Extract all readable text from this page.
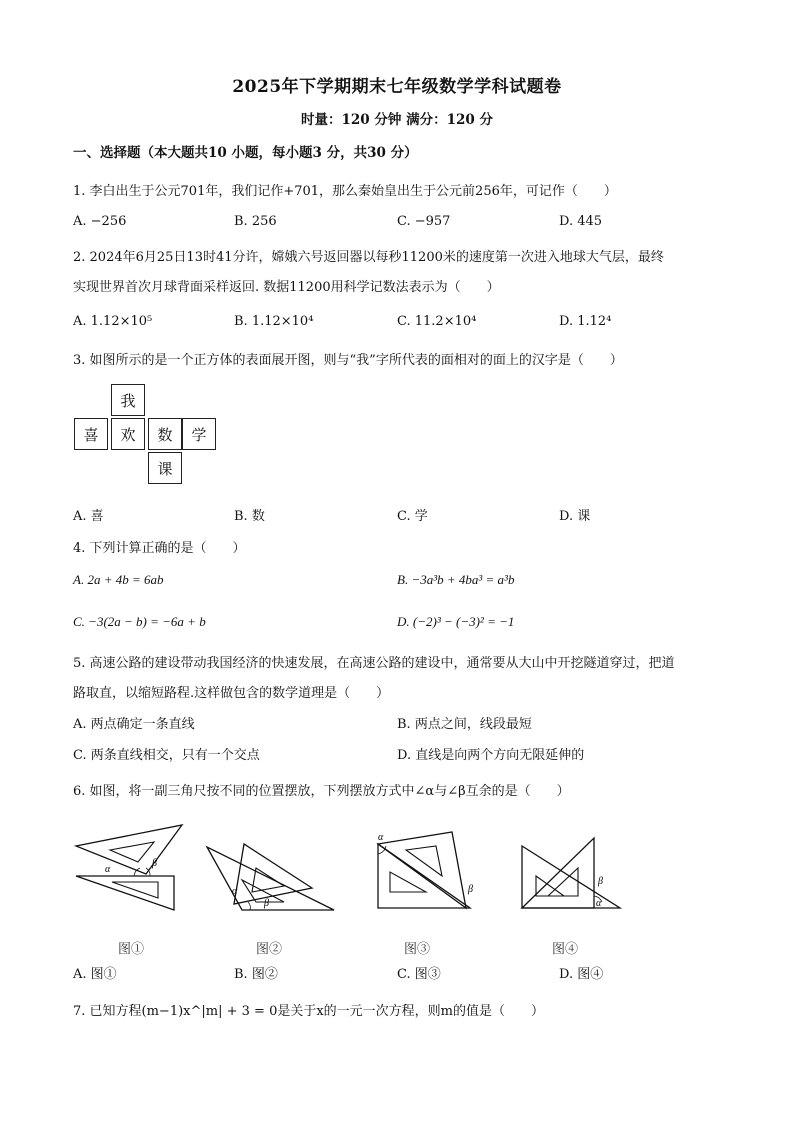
2025年下学期期末七年级数学学科试题卷
时量：120 分钟 满分：120 分
一、选择题（本大题共10 小题，每小题3 分，共30 分）
1. 李白出生于公元701年，我们记作+701，那么秦始皇出生于公元前256年，可记作（　　）
A. −256	B. 256	C. −957	D. 445
2. 2024年6月25日13时41分许，嫦娥六号返回器以每秒11200米的速度第一次进入地球大气层，最终
实现世界首次月球背面采样返回. 数据11200用科学记数法表示为（　　）
A. 1.12×10⁵	B. 1.12×10⁴	C. 11.2×10⁴	D. 1.12⁴
3. 如图所示的是一个正方体的表面展开图，则与“我”字所代表的面相对的面上的汉字是（　　）
我
喜	欢	数	学
课
A. 喜	B. 数	C. 学	D. 课
4. 下列计算正确的是（　　）
A. 2a + 4b = 6ab	B. −3a³b + 4ba³ = a³b
C. −3(2a − b) = −6a + b	D. (−2)³ − (−3)² = −1
5. 高速公路的建设带动我国经济的快速发展，在高速公路的建设中，通常要从大山中开挖隧道穿过，把道
路取直，以缩短路程.这样做包含的数学道理是（　　）
A. 两点确定一条直线	B. 两点之间，线段最短
C. 两条直线相交，只有一个交点	D. 直线是向两个方向无限延伸的
6. 如图，将一副三角尺按不同的位置摆放，下列摆放方式中∠α与∠β互余的是（　　）
α
β
图①
α
β
图②
α
β
图③
β
α
图④
A. 图①	B. 图②	C. 图③	D. 图④
7. 已知方程(m−1)x^|m| + 3 = 0是关于x的一元一次方程，则m的值是（　　）
